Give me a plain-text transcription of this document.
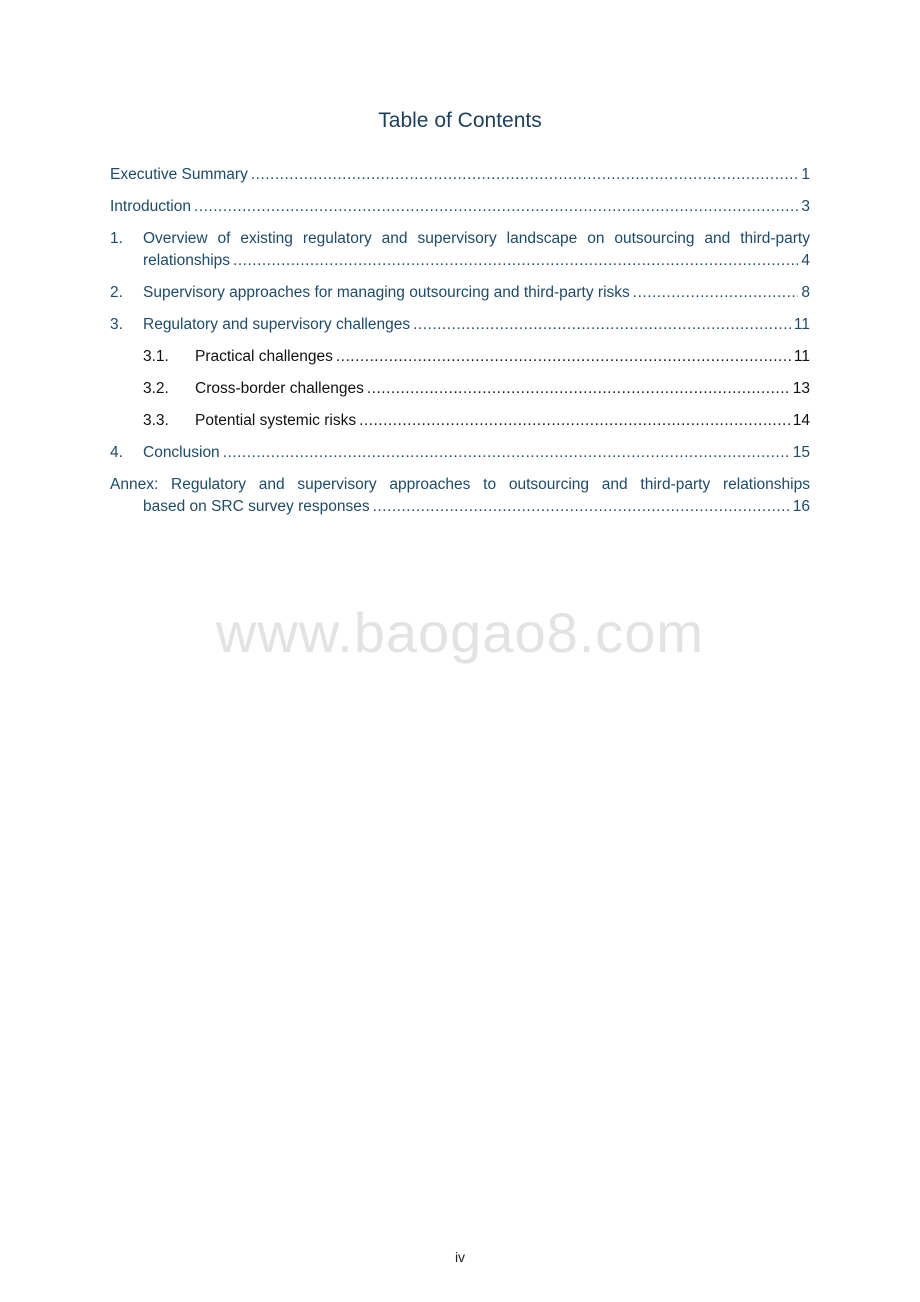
Table of Contents
Executive Summary .....	1
Introduction .....	3
1. Overview of existing regulatory and supervisory landscape on outsourcing and third-party
relationships .....	4
2.	Supervisory approaches for managing outsourcing and third-party risks .....	8
3.	Regulatory and supervisory challenges .....	11
3.1.	Practical challenges .....	11
3.2.	Cross-border challenges .....	13
3.3.	Potential systemic risks .....	14
4.	Conclusion .....	15
Annex: Regulatory and supervisory approaches to outsourcing and third-party relationships
based on SRC survey responses .....	16
www.baogao8.com
iv
